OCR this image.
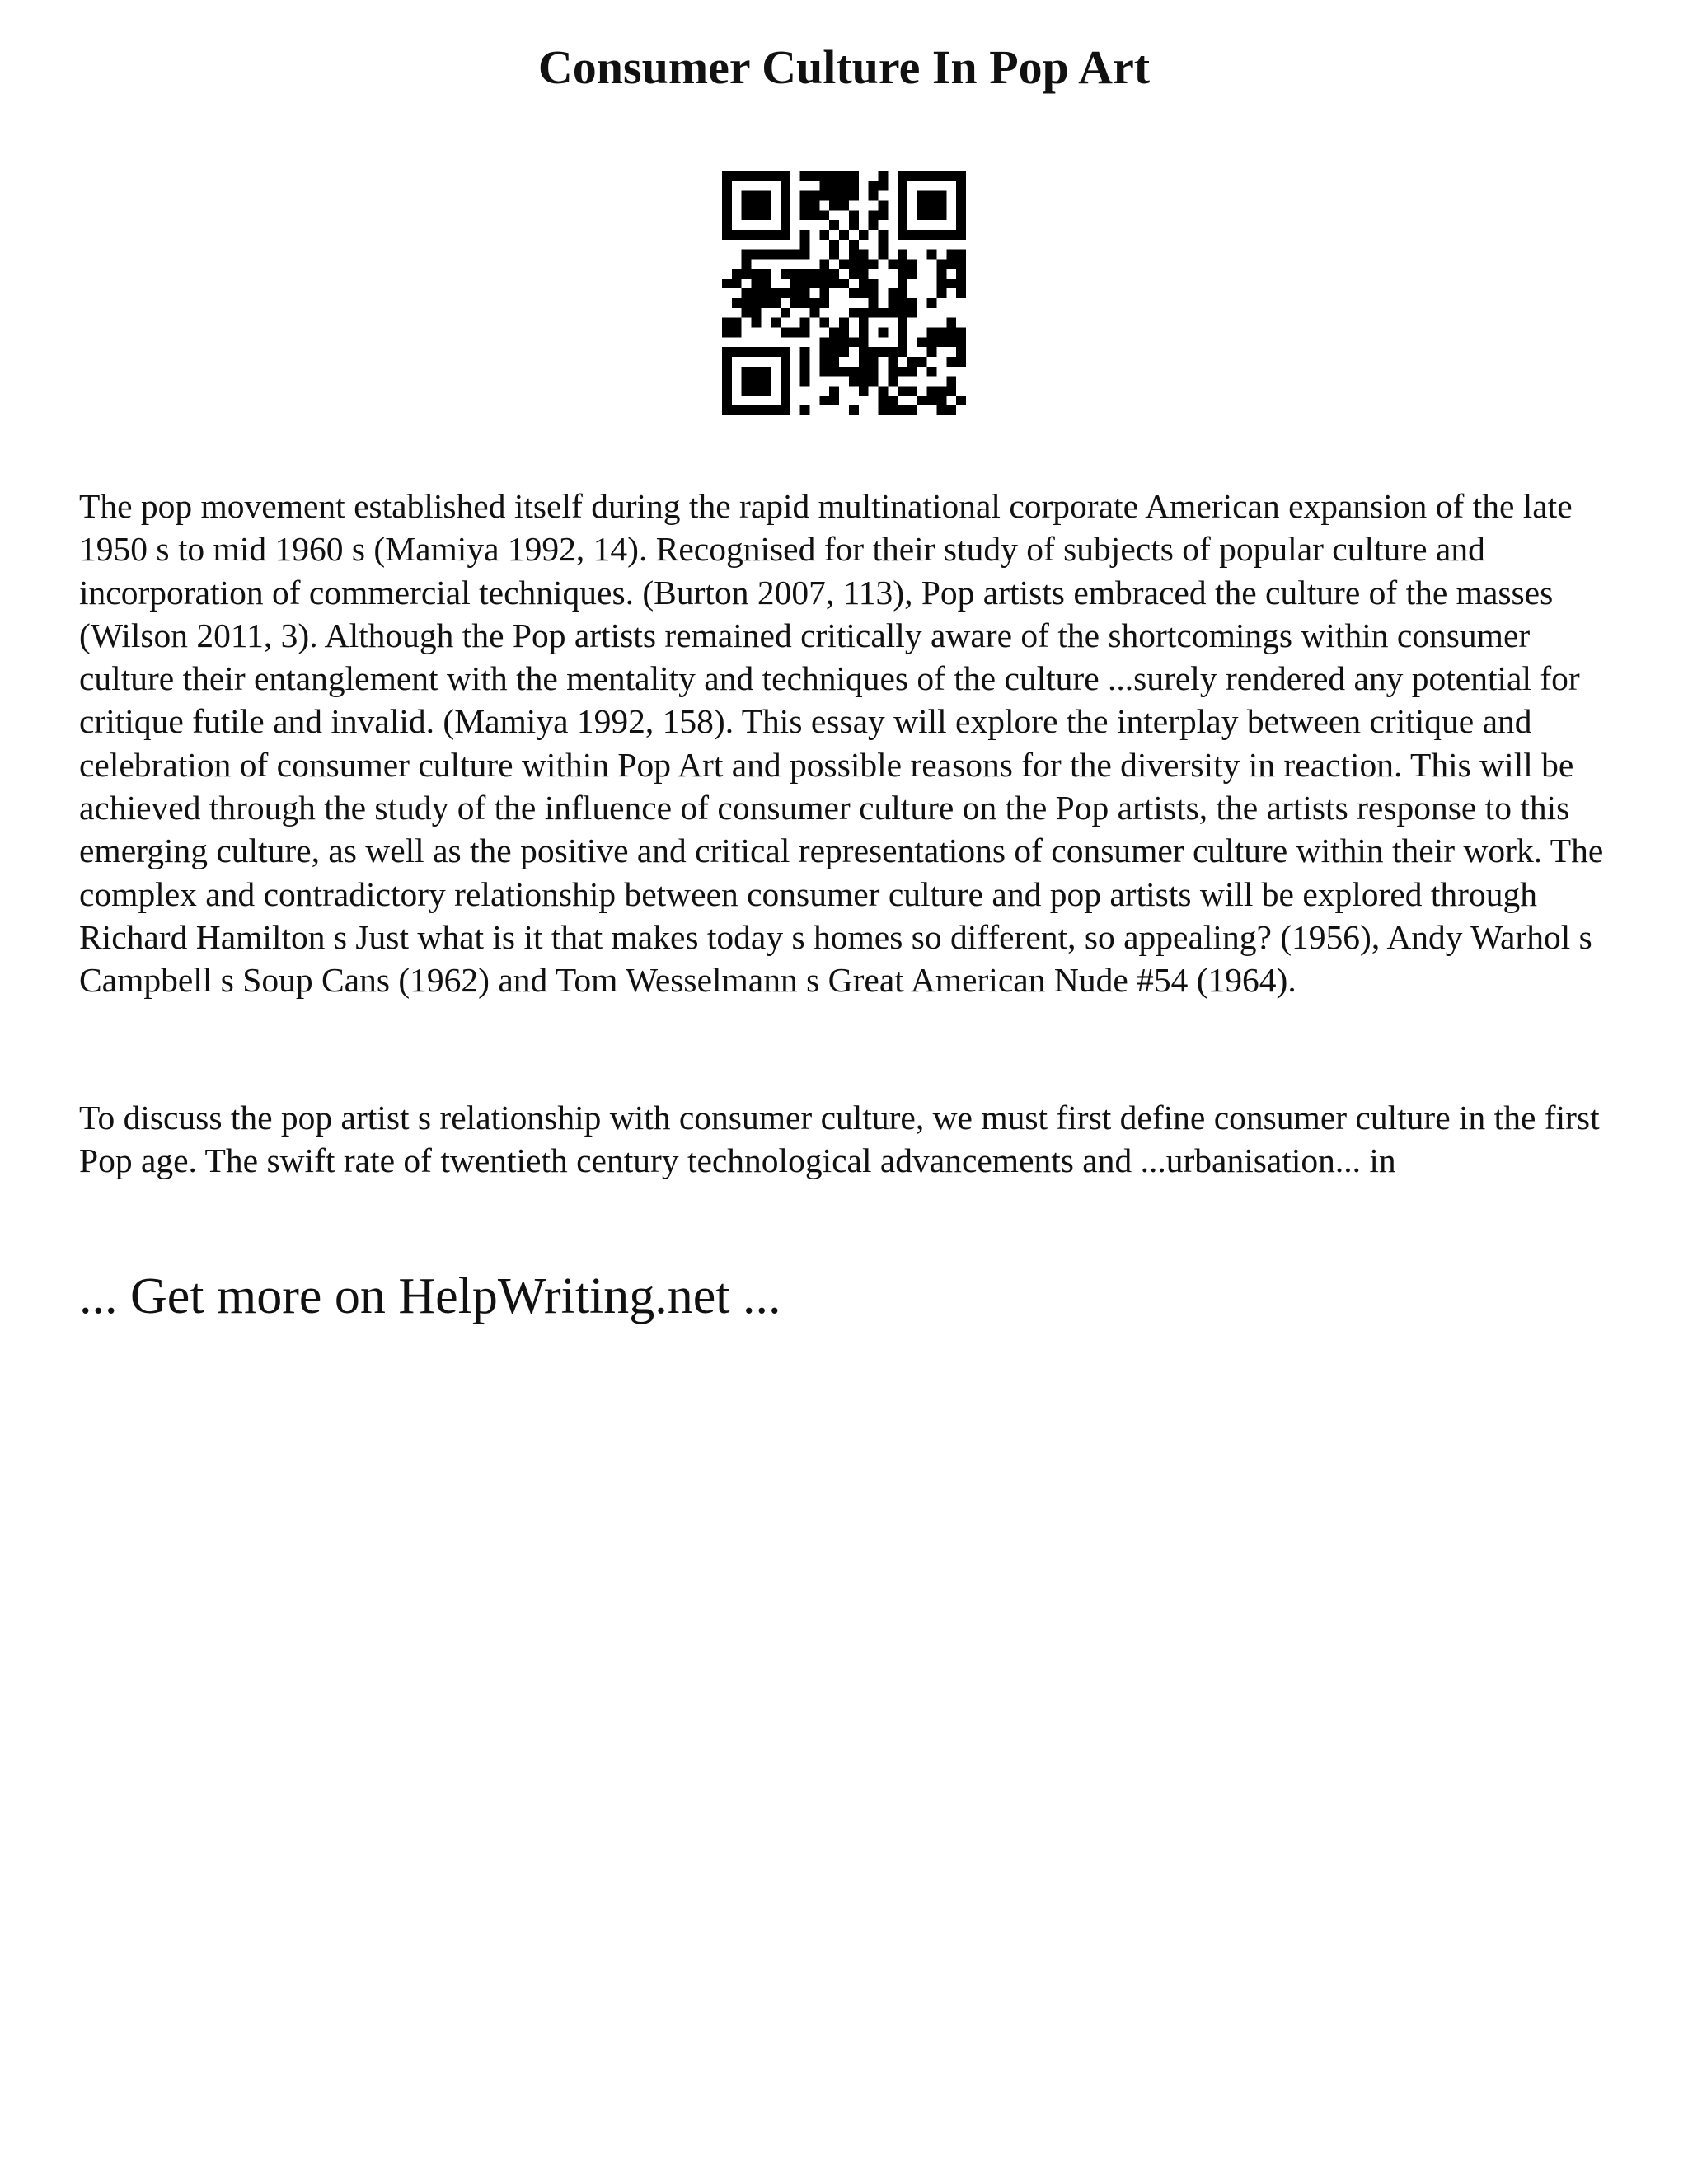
Consumer Culture In Pop Art

The pop movement established itself during the rapid multinational corporate American expansion of the late 1950 s to mid 1960 s (Mamiya 1992, 14). Recognised for their study of subjects of popular culture and incorporation of commercial techniques. (Burton 2007, 113), Pop artists embraced the culture of the masses (Wilson 2011, 3). Although the Pop artists remained critically aware of the shortcomings within consumer culture their entanglement with the mentality and techniques of the culture ...surely rendered any potential for critique futile and invalid. (Mamiya 1992, 158). This essay will explore the interplay between critique and celebration of consumer culture within Pop Art and possible reasons for the diversity in reaction. This will be achieved through the study of the influence of consumer culture on the Pop artists, the artists response to this emerging culture, as well as the positive and critical representations of consumer culture within their work. The complex and contradictory relationship between consumer culture and pop artists will be explored through Richard Hamilton s Just what is it that makes today s homes so different, so appealing? (1956), Andy Warhol s Campbell s Soup Cans (1962) and Tom Wesselmann s Great American Nude #54 (1964).

To discuss the pop artist s relationship with consumer culture, we must first define consumer culture in the first Pop age. The swift rate of twentieth century technological advancements and ...urbanisation... in

... Get more on HelpWriting.net ...
